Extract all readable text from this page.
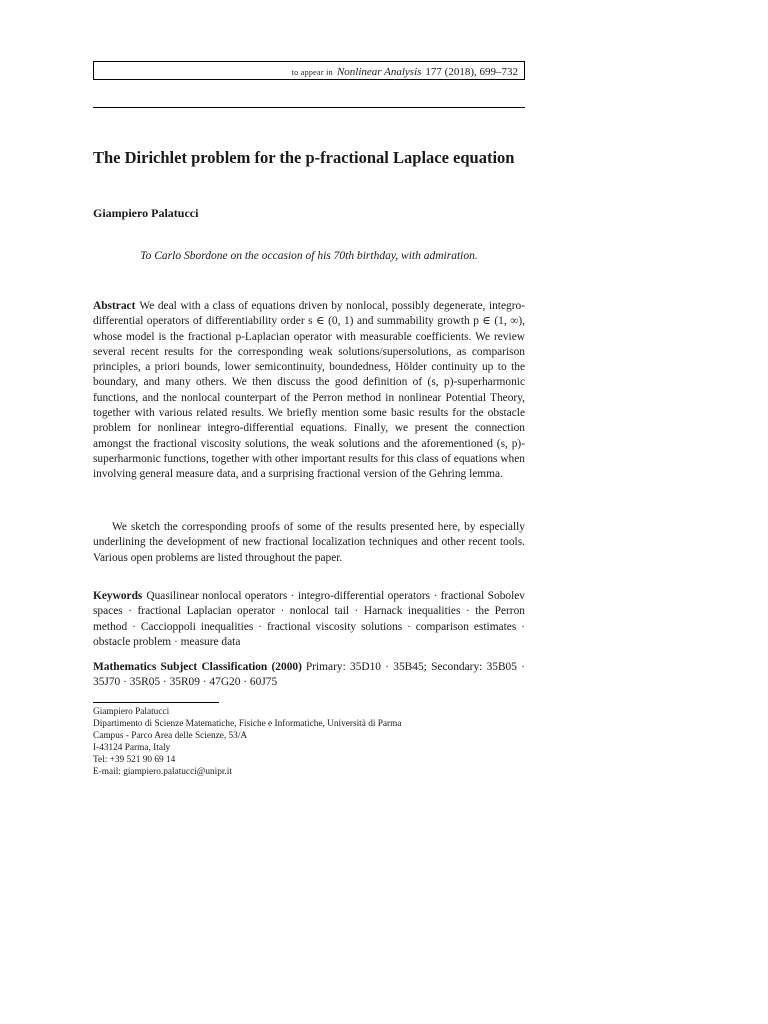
to appear in Nonlinear Analysis 177 (2018), 699–732
The Dirichlet problem for the p-fractional Laplace equation
Giampiero Palatucci
To Carlo Sbordone on the occasion of his 70th birthday, with admiration.
Abstract We deal with a class of equations driven by nonlocal, possibly degenerate, integro-differential operators of differentiability order s ∈ (0, 1) and summability growth p ∈ (1, ∞), whose model is the fractional p-Laplacian operator with measurable coefficients. We review several recent results for the corresponding weak solutions/supersolutions, as comparison principles, a priori bounds, lower semicontinuity, boundedness, Hölder continuity up to the boundary, and many others. We then discuss the good definition of (s, p)-superharmonic functions, and the nonlocal counterpart of the Perron method in nonlinear Potential Theory, together with various related results. We briefly mention some basic results for the obstacle problem for nonlinear integro-differential equations. Finally, we present the connection amongst the fractional viscosity solutions, the weak solutions and the aforementioned (s, p)-superharmonic functions, together with other important results for this class of equations when involving general measure data, and a surprising fractional version of the Gehring lemma.
We sketch the corresponding proofs of some of the results presented here, by especially underlining the development of new fractional localization techniques and other recent tools. Various open problems are listed throughout the paper.
Keywords Quasilinear nonlocal operators · integro-differential operators · fractional Sobolev spaces · fractional Laplacian operator · nonlocal tail · Harnack inequalities · the Perron method · Caccioppoli inequalities · fractional viscosity solutions · comparison estimates · obstacle problem · measure data
Mathematics Subject Classification (2000) Primary: 35D10 · 35B45; Secondary: 35B05 · 35J70 · 35R05 · 35R09 · 47G20 · 60J75
Giampiero Palatucci
Dipartimento di Scienze Matematiche, Fisiche e Informatiche, Università di Parma
Campus - Parco Area delle Scienze, 53/A
I-43124 Parma, Italy
Tel: +39 521 90 69 14
E-mail: giampiero.palatucci@unipr.it
